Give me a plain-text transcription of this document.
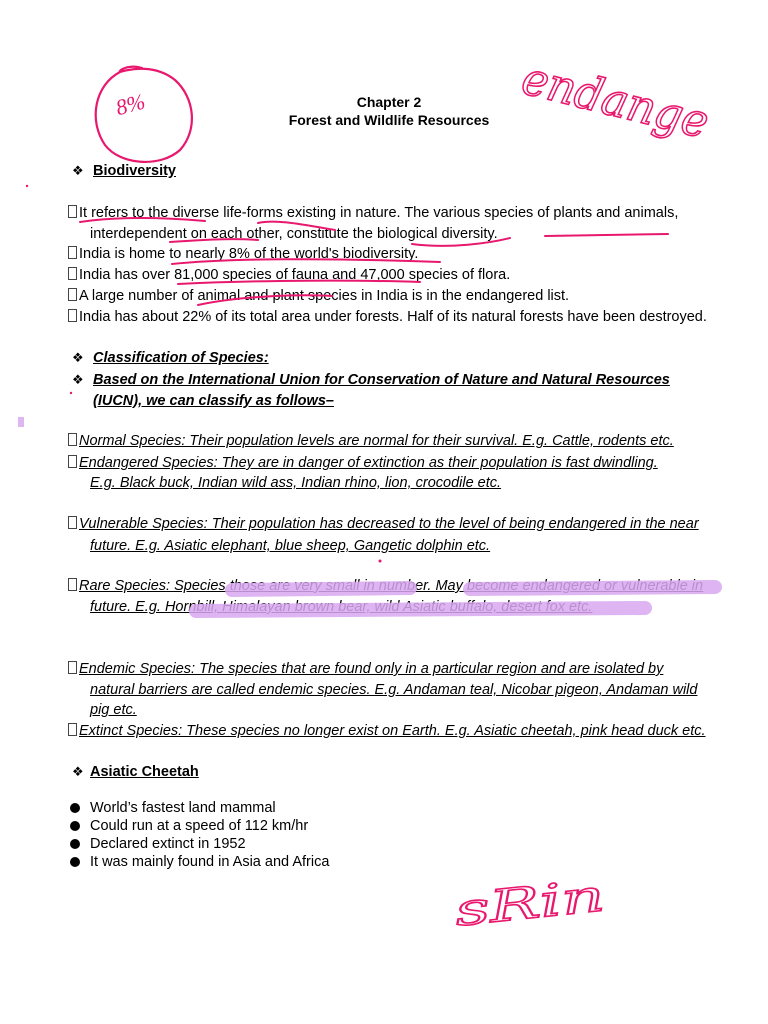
Chapter 2
Forest and Wildlife Resources
❖ Biodiversity
It refers to the diverse life-forms existing in nature. The various species of plants and animals,
interdependent on each other, constitute the biological diversity.
India is home to nearly 8% of the world's biodiversity.
India has over 81,000 species of fauna and 47,000 species of flora.
A large number of animal and plant species in India is in the endangered list.
India has about 22% of its total area under forests. Half of its natural forests have been destroyed.
❖ Classification of Species:
❖ Based on the International Union for Conservation of Nature and Natural Resources
(IUCN), we can classify as follows–
Normal Species: Their population levels are normal for their survival. E.g. Cattle, rodents etc.
Endangered Species: They are in danger of extinction as their population is fast dwindling.
E.g. Black buck, Indian wild ass, Indian rhino, lion, crocodile etc.
Vulnerable Species: Their population has decreased to the level of being endangered in the near
future. E.g. Asiatic elephant, blue sheep, Gangetic dolphin etc.
Rare Species: Species those are very small in number. May become endangered or vulnerable in
future. E.g. Hornbill, Himalayan brown bear, wild Asiatic buffalo, desert fox etc.
Endemic Species: The species that are found only in a particular region and are isolated by
natural barriers are called endemic species. E.g. Andaman teal, Nicobar pigeon, Andaman wild
pig etc.
Extinct Species: These species no longer exist on Earth. E.g. Asiatic cheetah, pink head duck etc.
❖ Asiatic Cheetah
World’s fastest land mammal
Could run at a speed of 112 km/hr
Declared extinct in 1952
It was mainly found in Asia and Africa
8%	endange
sRin
